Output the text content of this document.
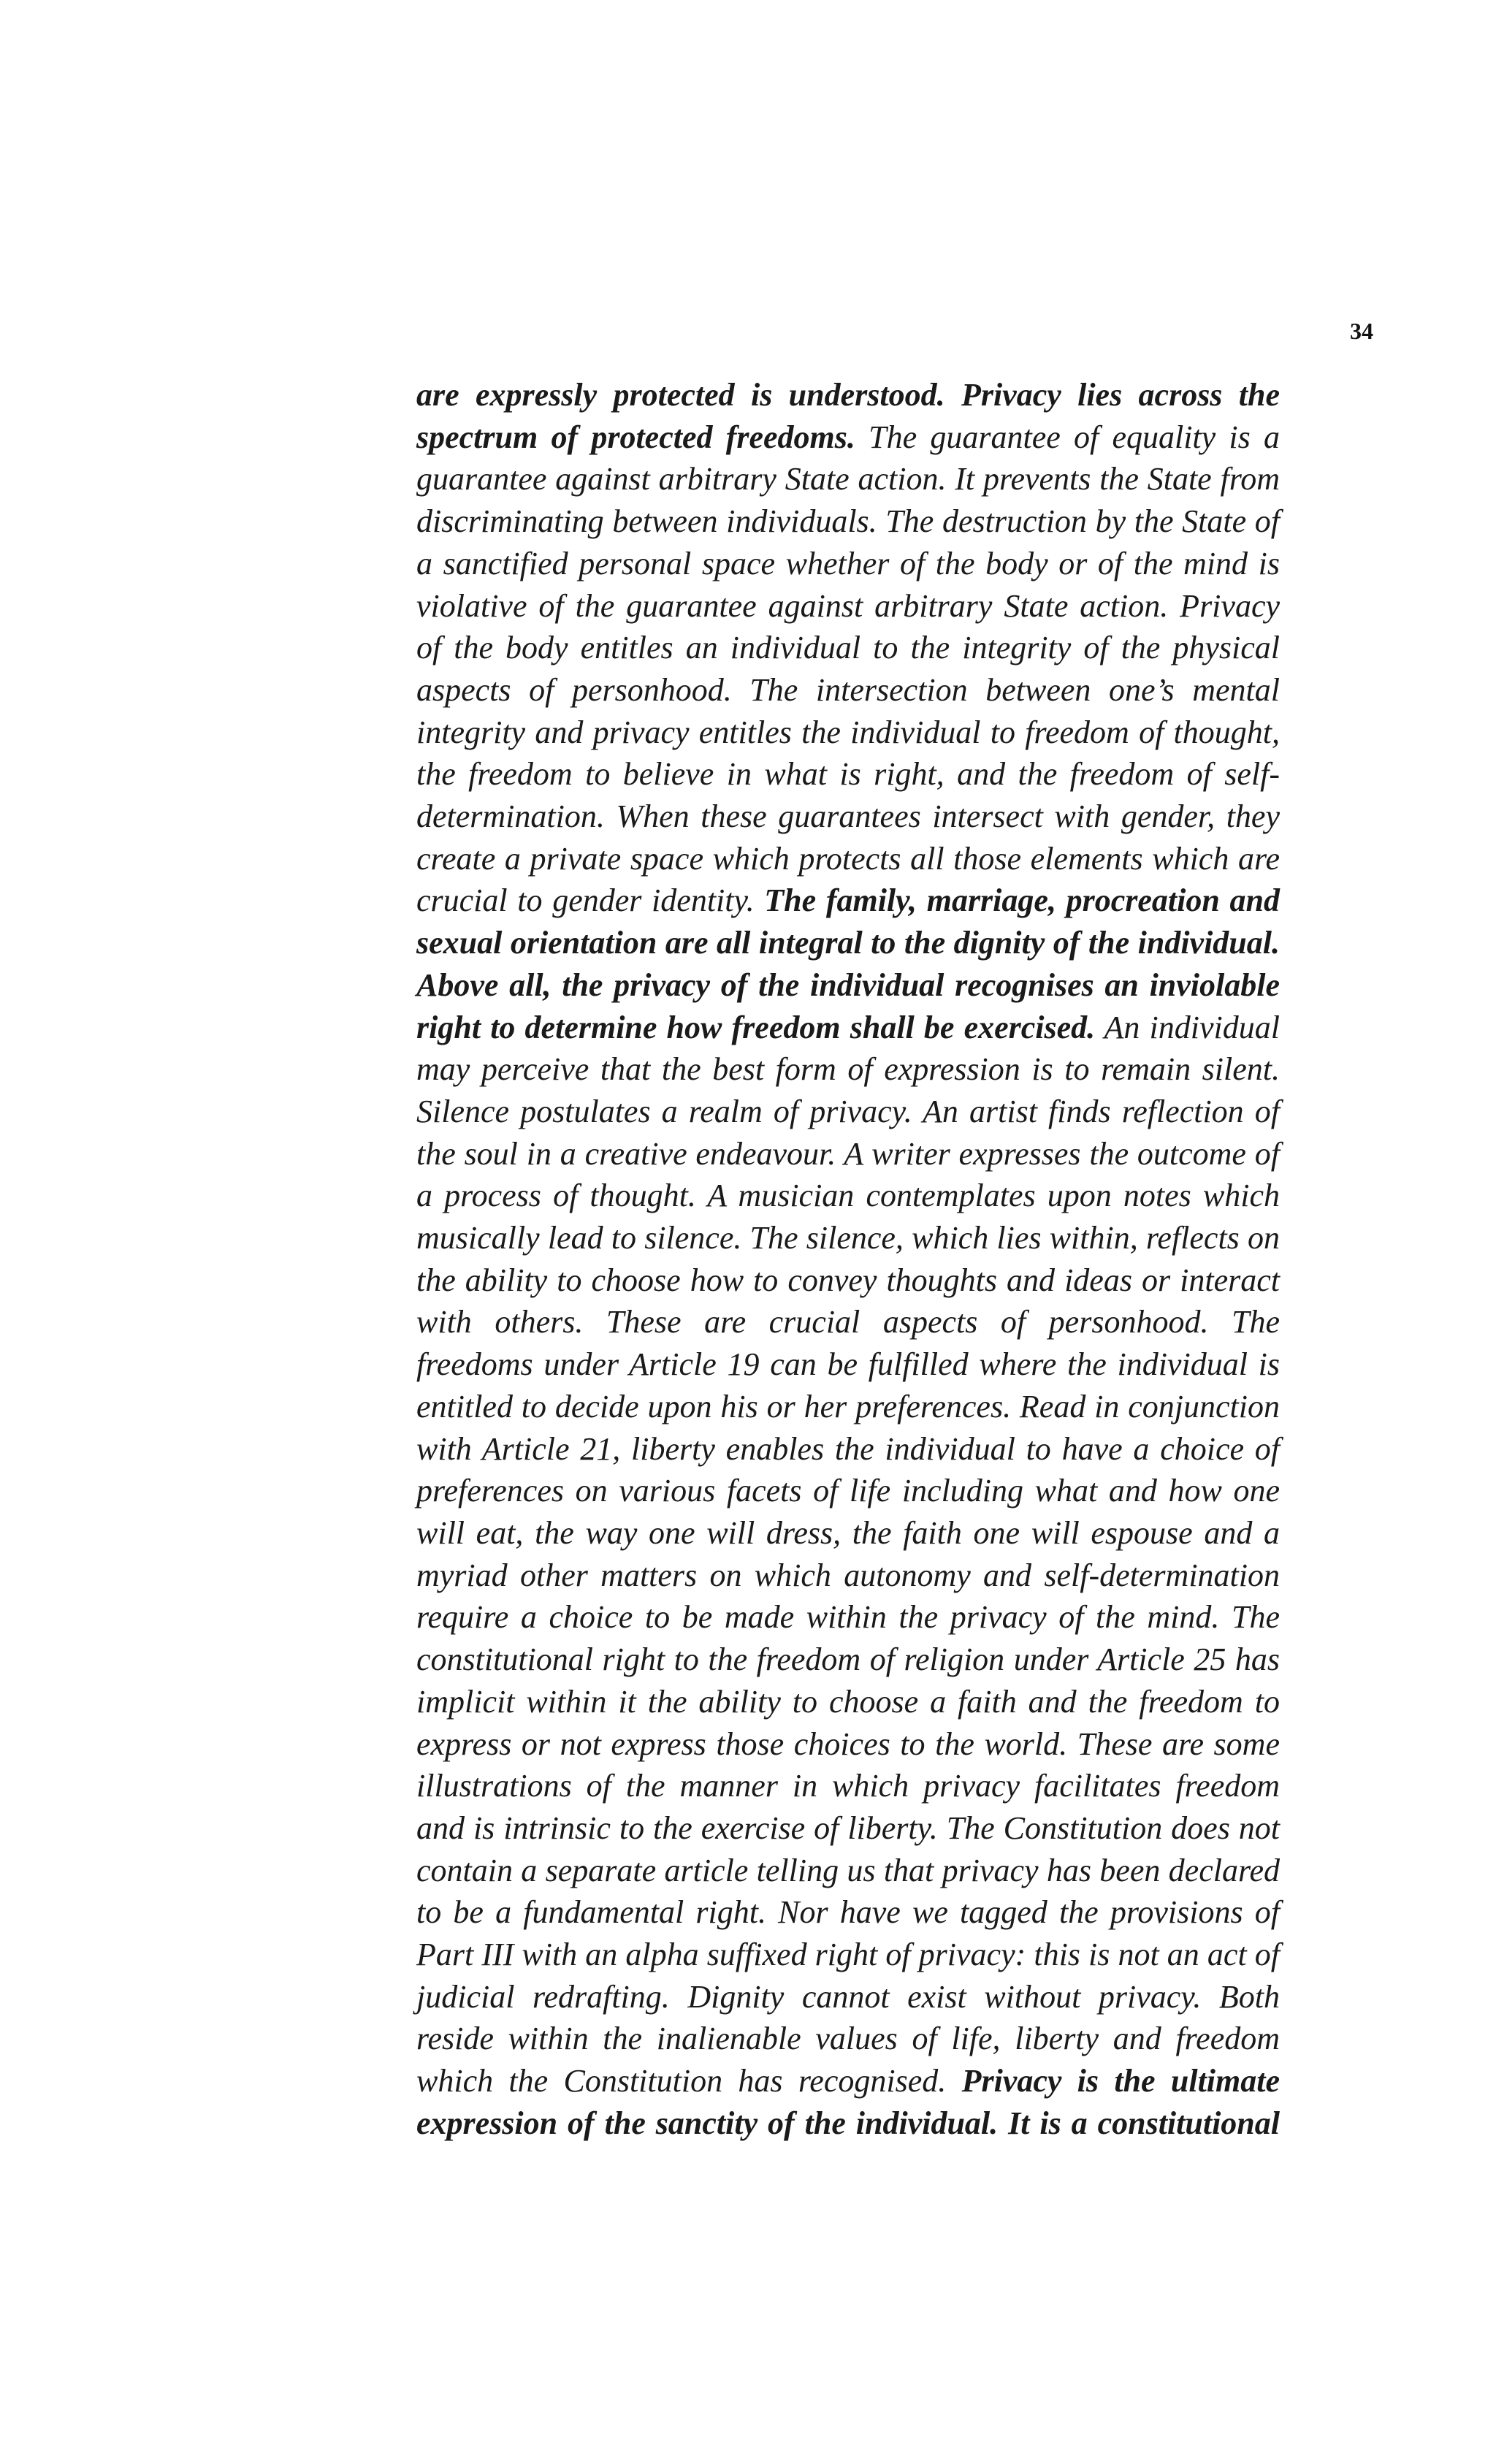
34

are expressly protected is understood. Privacy lies across the spectrum of protected freedoms. The guarantee of equality is a guarantee against arbitrary State action. It prevents the State from discriminating between individuals. The destruction by the State of a sanctified personal space whether of the body or of the mind is violative of the guarantee against arbitrary State action. Privacy of the body entitles an individual to the integrity of the physical aspects of personhood. The intersection between one’s mental integrity and privacy entitles the individual to freedom of thought, the freedom to believe in what is right, and the freedom of self-determination. When these guarantees intersect with gender, they create a private space which protects all those elements which are crucial to gender identity. The family, marriage, procreation and sexual orientation are all integral to the dignity of the individual. Above all, the privacy of the individual recognises an inviolable right to determine how freedom shall be exercised. An individual may perceive that the best form of expression is to remain silent. Silence postulates a realm of privacy. An artist finds reflection of the soul in a creative endeavour. A writer expresses the outcome of a process of thought. A musician contemplates upon notes which musically lead to silence. The silence, which lies within, reflects on the ability to choose how to convey thoughts and ideas or interact with others. These are crucial aspects of personhood. The freedoms under Article 19 can be fulfilled where the individual is entitled to decide upon his or her preferences. Read in conjunction with Article 21, liberty enables the individual to have a choice of preferences on various facets of life including what and how one will eat, the way one will dress, the faith one will espouse and a myriad other matters on which autonomy and self-determination require a choice to be made within the privacy of the mind. The constitutional right to the freedom of religion under Article 25 has implicit within it the ability to choose a faith and the freedom to express or not express those choices to the world. These are some illustrations of the manner in which privacy facilitates freedom and is intrinsic to the exercise of liberty. The Constitution does not contain a separate article telling us that privacy has been declared to be a fundamental right. Nor have we tagged the provisions of Part III with an alpha suffixed right of privacy: this is not an act of judicial redrafting. Dignity cannot exist without privacy. Both reside within the inalienable values of life, liberty and freedom which the Constitution has recognised. Privacy is the ultimate expression of the sanctity of the individual. It is a constitutional
